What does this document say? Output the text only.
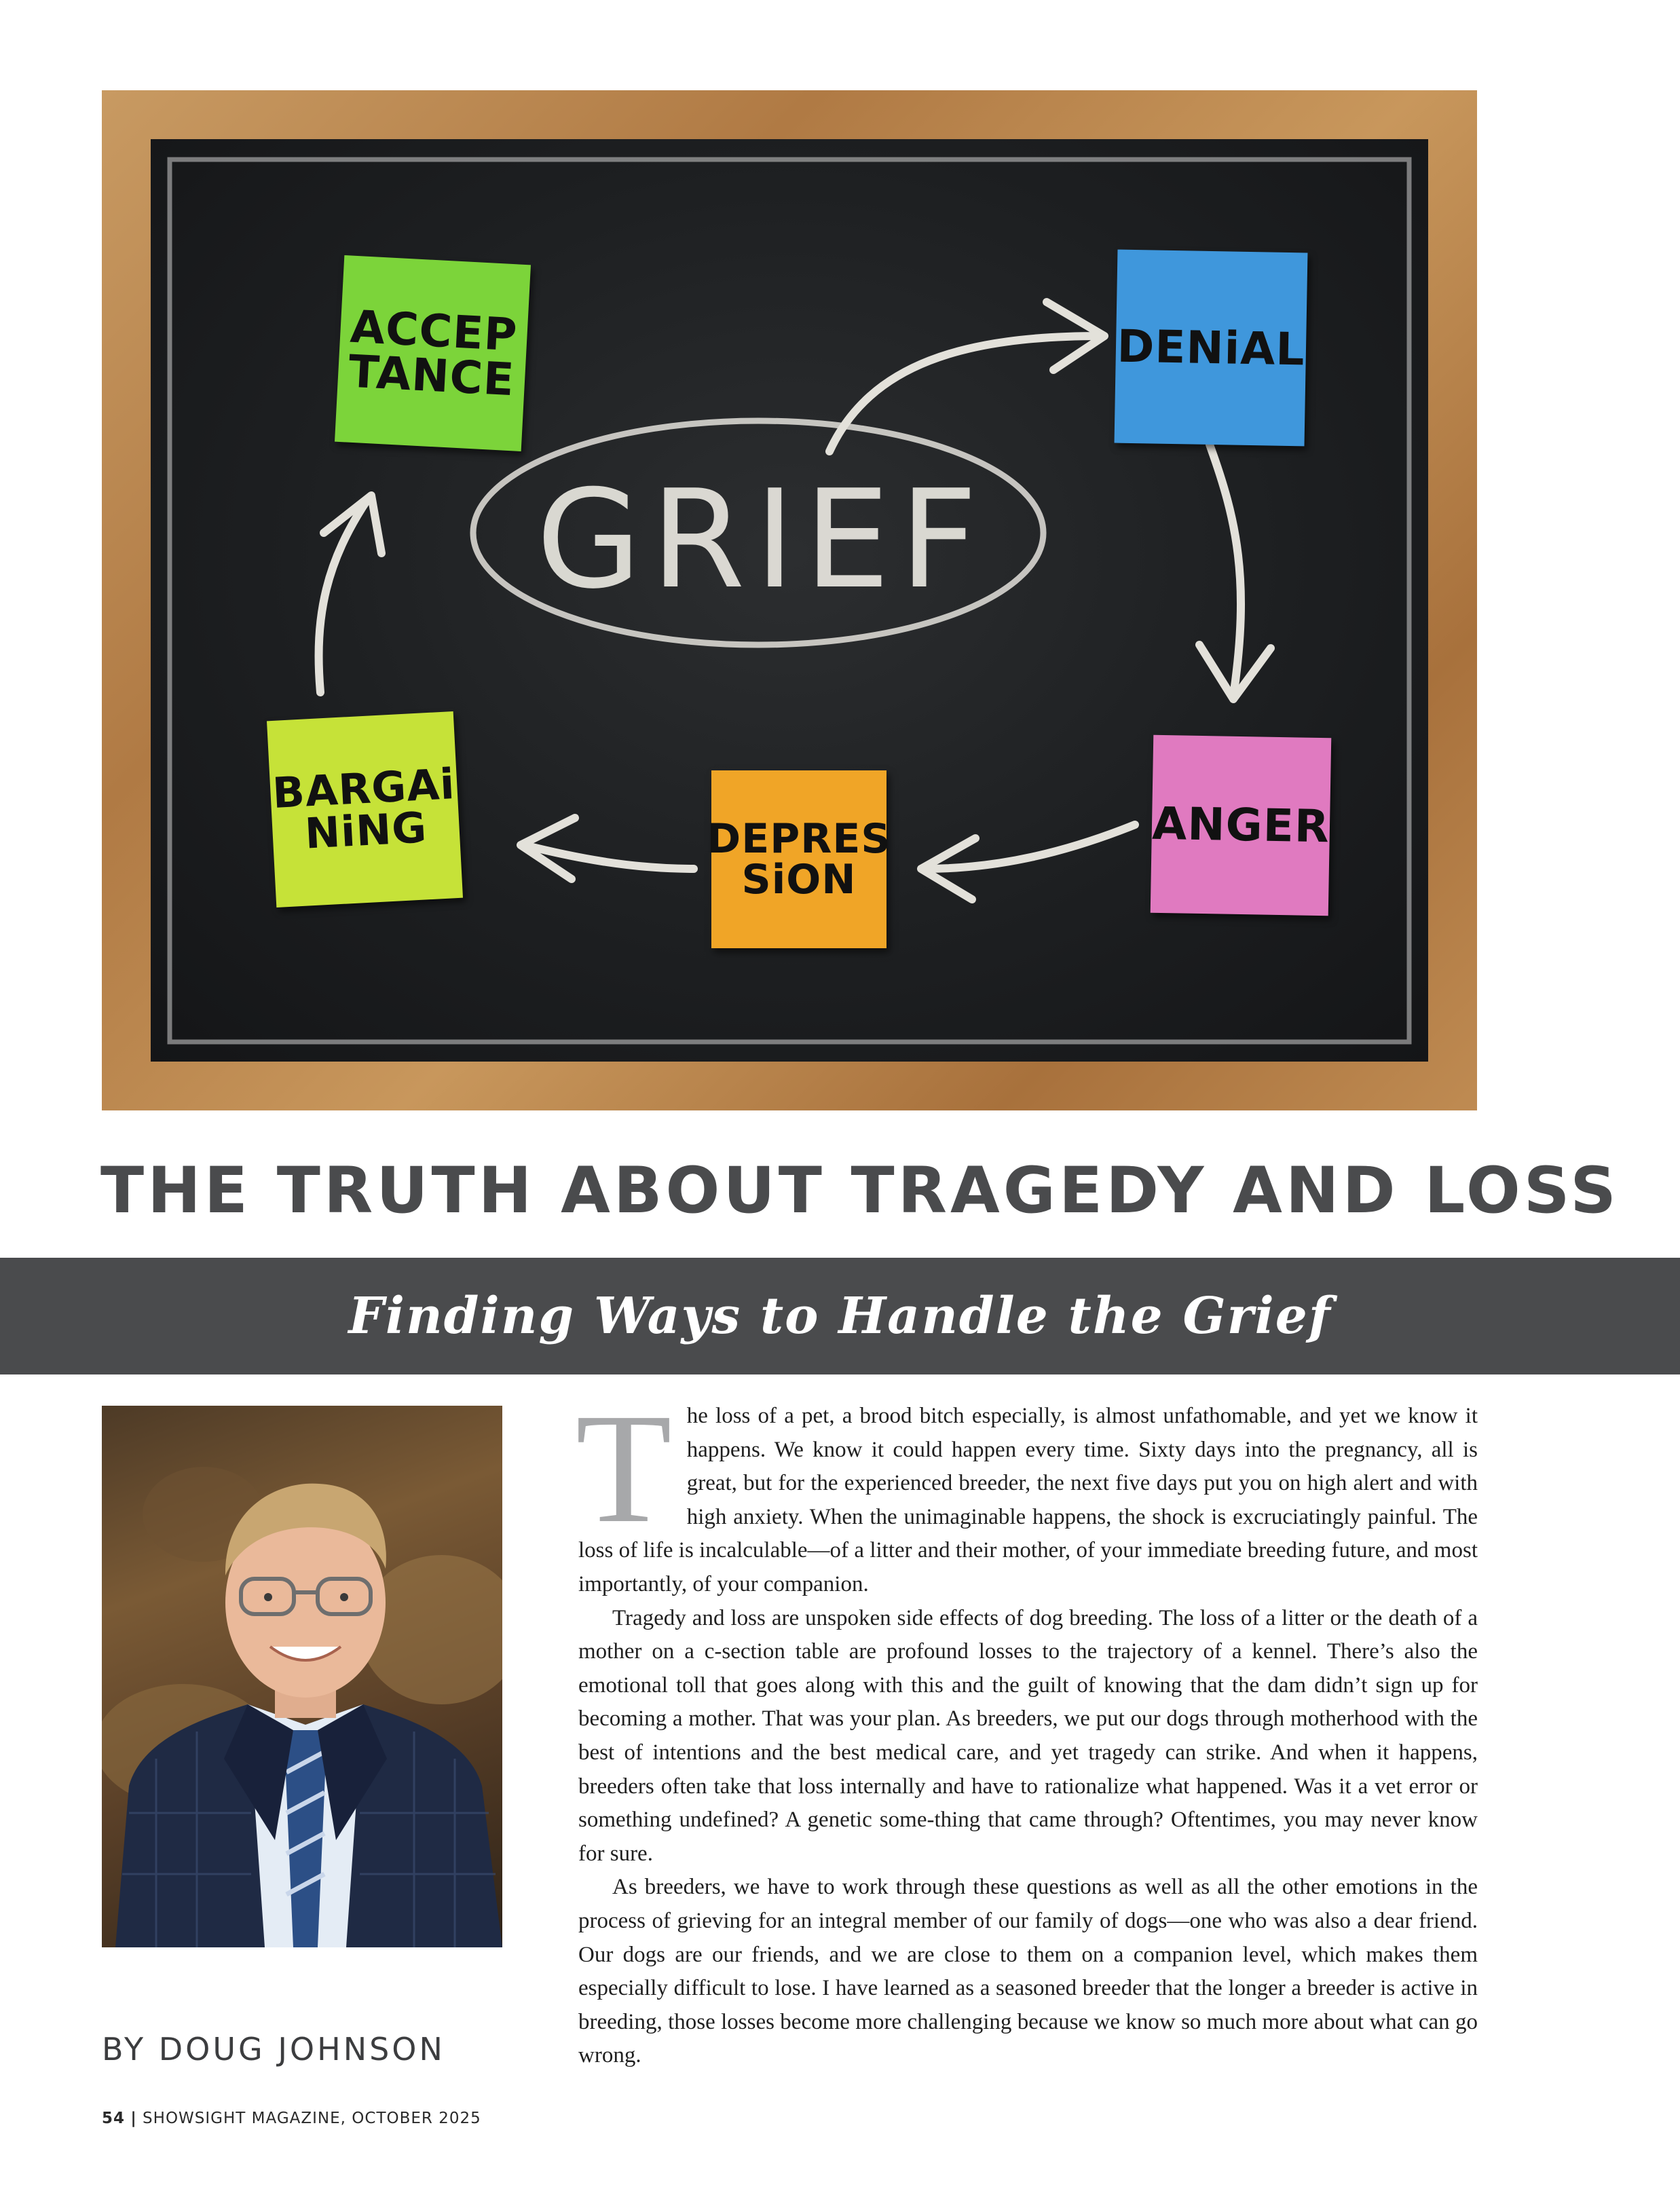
GRIEF
ACCEP
TANCE	DENiAL
ANGER
DEPRES
SiON
BARGAi
NiNG
THE TRUTH ABOUT TRAGEDY AND LOSS
Finding Ways to Handle the Grief
BY DOUG JOHNSON

The loss of a pet, a brood bitch especially, is almost unfathomable, and yet we know it happens. We know it could happen every time. Sixty days into the pregnancy, all is great, but for the experienced breeder, the next five days put you on high alert and with high anxiety. When the unimaginable happens, the shock is excruciatingly painful. The loss of life is incalculable—of a litter and their mother, of your immediate breeding future, and most importantly, of your companion.

Tragedy and loss are unspoken side effects of dog breeding. The loss of a litter or the death of a mother on a c-section table are profound losses to the trajectory of a kennel. There’s also the emotional toll that goes along with this and the guilt of knowing that the dam didn’t sign up for becoming a mother. That was your plan. As breeders, we put our dogs through motherhood with the best of intentions and the best medical care, and yet tragedy can strike. And when it happens, breeders often take that loss internally and have to rationalize what happened. Was it a vet error or something undefined? A genetic some-thing that came through? Oftentimes, you may never know for sure.

As breeders, we have to work through these questions as well as all the other emotions in the process of grieving for an integral member of our family of dogs—one who was also a dear friend. Our dogs are our friends, and we are close to them on a companion level, which makes them especially difficult to lose. I have learned as a seasoned breeder that the longer a breeder is active in breeding, those losses become more challenging because we know so much more about what can go wrong.

54 | SHOWSIGHT MAGAZINE, OCTOBER 2025
